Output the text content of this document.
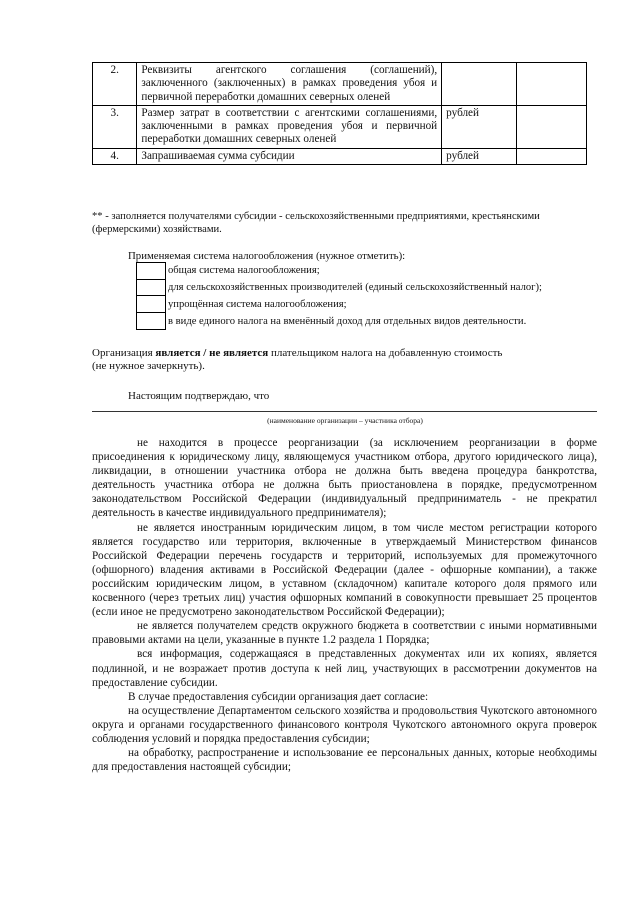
2.	Реквизиты агентского соглашения (соглашений), заключенного (заключенных) в рамках проведения убоя и первичной переработки домашних северных оленей		
3.	Размер затрат в соответствии с агентскими соглашениями, заключенными в рамках проведения убоя и первичной переработки домашних северных оленей	рублей	
4.	Запрашиваемая сумма субсидии	рублей	
** - заполняется получателями субсидии - сельскохозяйственными предприятиями, крестьянскими (фермерскими) хозяйствами.
Применяемая система налогообложения (нужное отметить):
общая система налогообложения;
для сельскохозяйственных производителей (единый сельскохозяйственный налог);
упрощённая система налогообложения;
в виде единого налога на вменённый доход для отдельных видов деятельности.
Организация является / не является плательщиком налога на добавленную стоимость
(не нужное зачеркнуть).
Настоящим подтверждаю, что
(наименование организации – участника отбора)

не находится в процессе реорганизации (за исключением реорганизации в форме присоединения к юридическому лицу, являющемуся участником отбора, другого юридического лица), ликвидации, в отношении участника отбора не должна быть введена процедура банкротства, деятельность участника отбора не должна быть приостановлена в порядке, предусмотренном законодательством Российской Федерации (индивидуальный предприниматель - не прекратил деятельность в качестве индивидуального предпринимателя);

не является иностранным юридическим лицом, в том числе местом регистрации которого является государство или территория, включенные в утверждаемый Министерством финансов Российской Федерации перечень государств и территорий, используемых для промежуточного (офшорного) владения активами в Российской Федерации (далее - офшорные компании), а также российским юридическим лицом, в уставном (складочном) капитале которого доля прямого или косвенного (через третьих лиц) участия офшорных компаний в совокупности превышает 25 процентов (если иное не предусмотрено законодательством Российской Федерации);

не является получателем средств окружного бюджета в соответствии с иными нормативными правовыми актами на цели, указанные в пункте 1.2 раздела 1 Порядка;

вся информация, содержащаяся в представленных документах или их копиях, является подлинной, и не возражает против доступа к ней лиц, участвующих в рассмотрении документов на предоставление субсидии.

В случае предоставления субсидии организация дает согласие:

на осуществление Департаментом сельского хозяйства и продовольствия Чукотского автономного округа и органами государственного финансового контроля Чукотского автономного округа проверок соблюдения условий и порядка предоставления субсидии;

на обработку, распространение и использование ее персональных данных, которые необходимы для предоставления настоящей субсидии;
